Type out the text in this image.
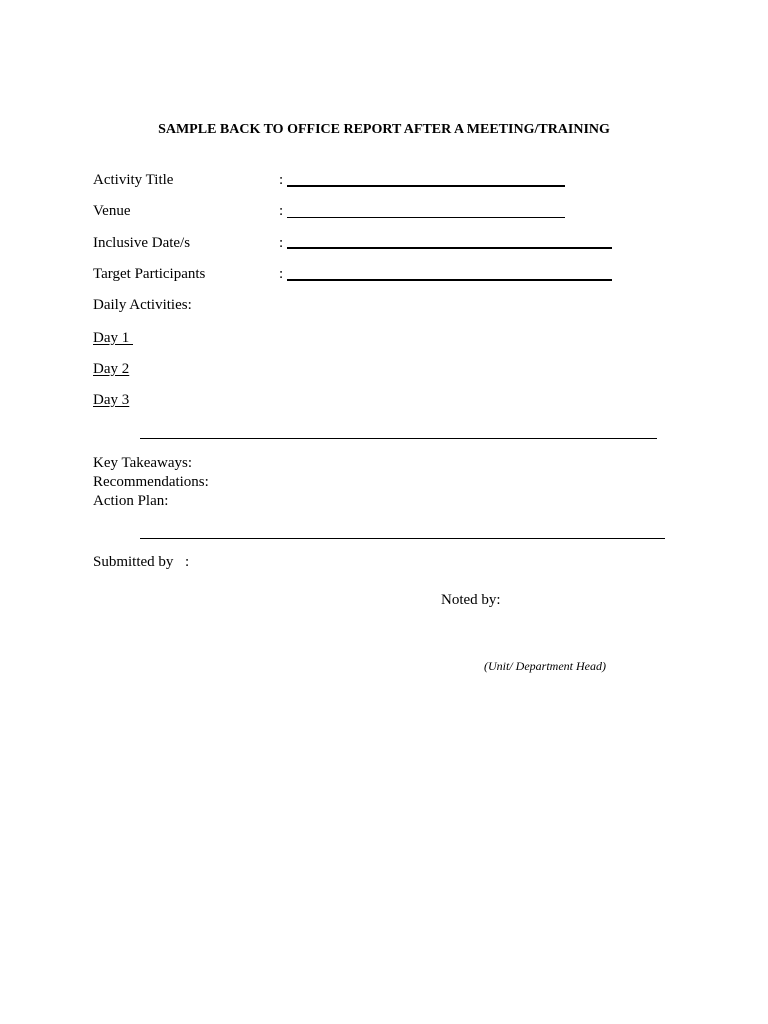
SAMPLE BACK TO OFFICE REPORT AFTER A MEETING/TRAINING
Activity Title	:
Venue	:
Inclusive Date/s	:
Target Participants	:
Daily Activities:
Day 1
Day 2
Day 3
Key Takeaways:
Recommendations:
Action Plan:
Submitted by :
Noted by:
(Unit/ Department Head)
